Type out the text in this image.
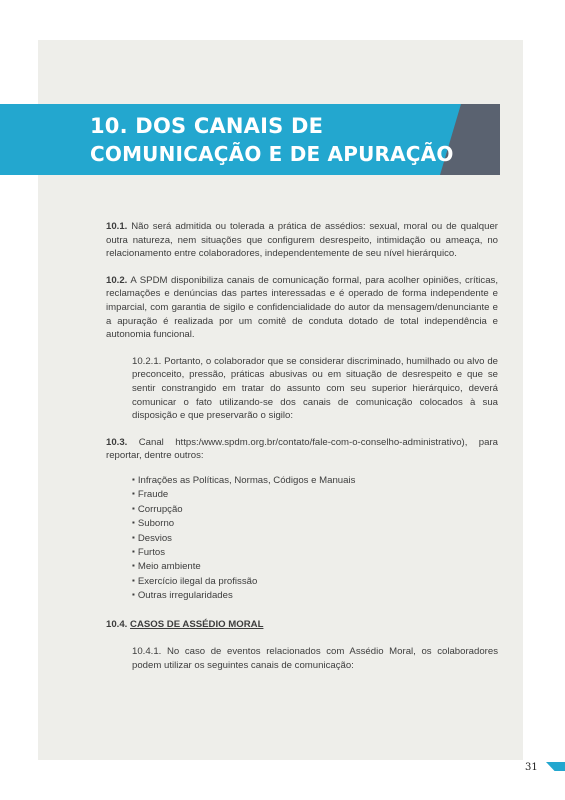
10. DOS CANAIS DE
COMUNICAÇÃO E DE APURAÇÃO

10.1. Não será admitida ou tolerada a prática de assédios: sexual, moral ou de qualquer outra natureza, nem situações que configurem desrespeito, intimidação ou ameaça, no relacionamento entre colaboradores, independentemente de seu nível hierárquico.

10.2. A SPDM disponibiliza canais de comunicação formal, para acolher opiniões, críticas, reclamações e denúncias das partes interessadas e é operado de forma independente e imparcial, com garantia de sigilo e confidencialidade do autor da mensagem/denunciante e a apuração é realizada por um comitê de conduta dotado de total independência e autonomia funcional.

10.2.1. Portanto, o colaborador que se considerar discriminado, humilhado ou alvo de preconceito, pressão, práticas abusivas ou em situação de desrespeito e que se sentir constrangido em tratar do assunto com seu superior hierárquico, deverá comunicar o fato utilizando-se dos canais de comunicação colocados à sua disposição e que preservarão o sigilo:

10.3. Canal https:/www.spdm.org.br/contato/fale-com-o-conselho-administrativo), para reportar, dentre outros:

▪ Infrações as Políticas, Normas, Códigos e Manuais
▪ Fraude
▪ Corrupção
▪ Suborno
▪ Desvios
▪ Furtos
▪ Meio ambiente
▪ Exercício ilegal da profissão
▪ Outras irregularidades

10.4. CASOS DE ASSÉDIO MORAL

10.4.1. No caso de eventos relacionados com Assédio Moral, os colaboradores podem utilizar os seguintes canais de comunicação:

31
